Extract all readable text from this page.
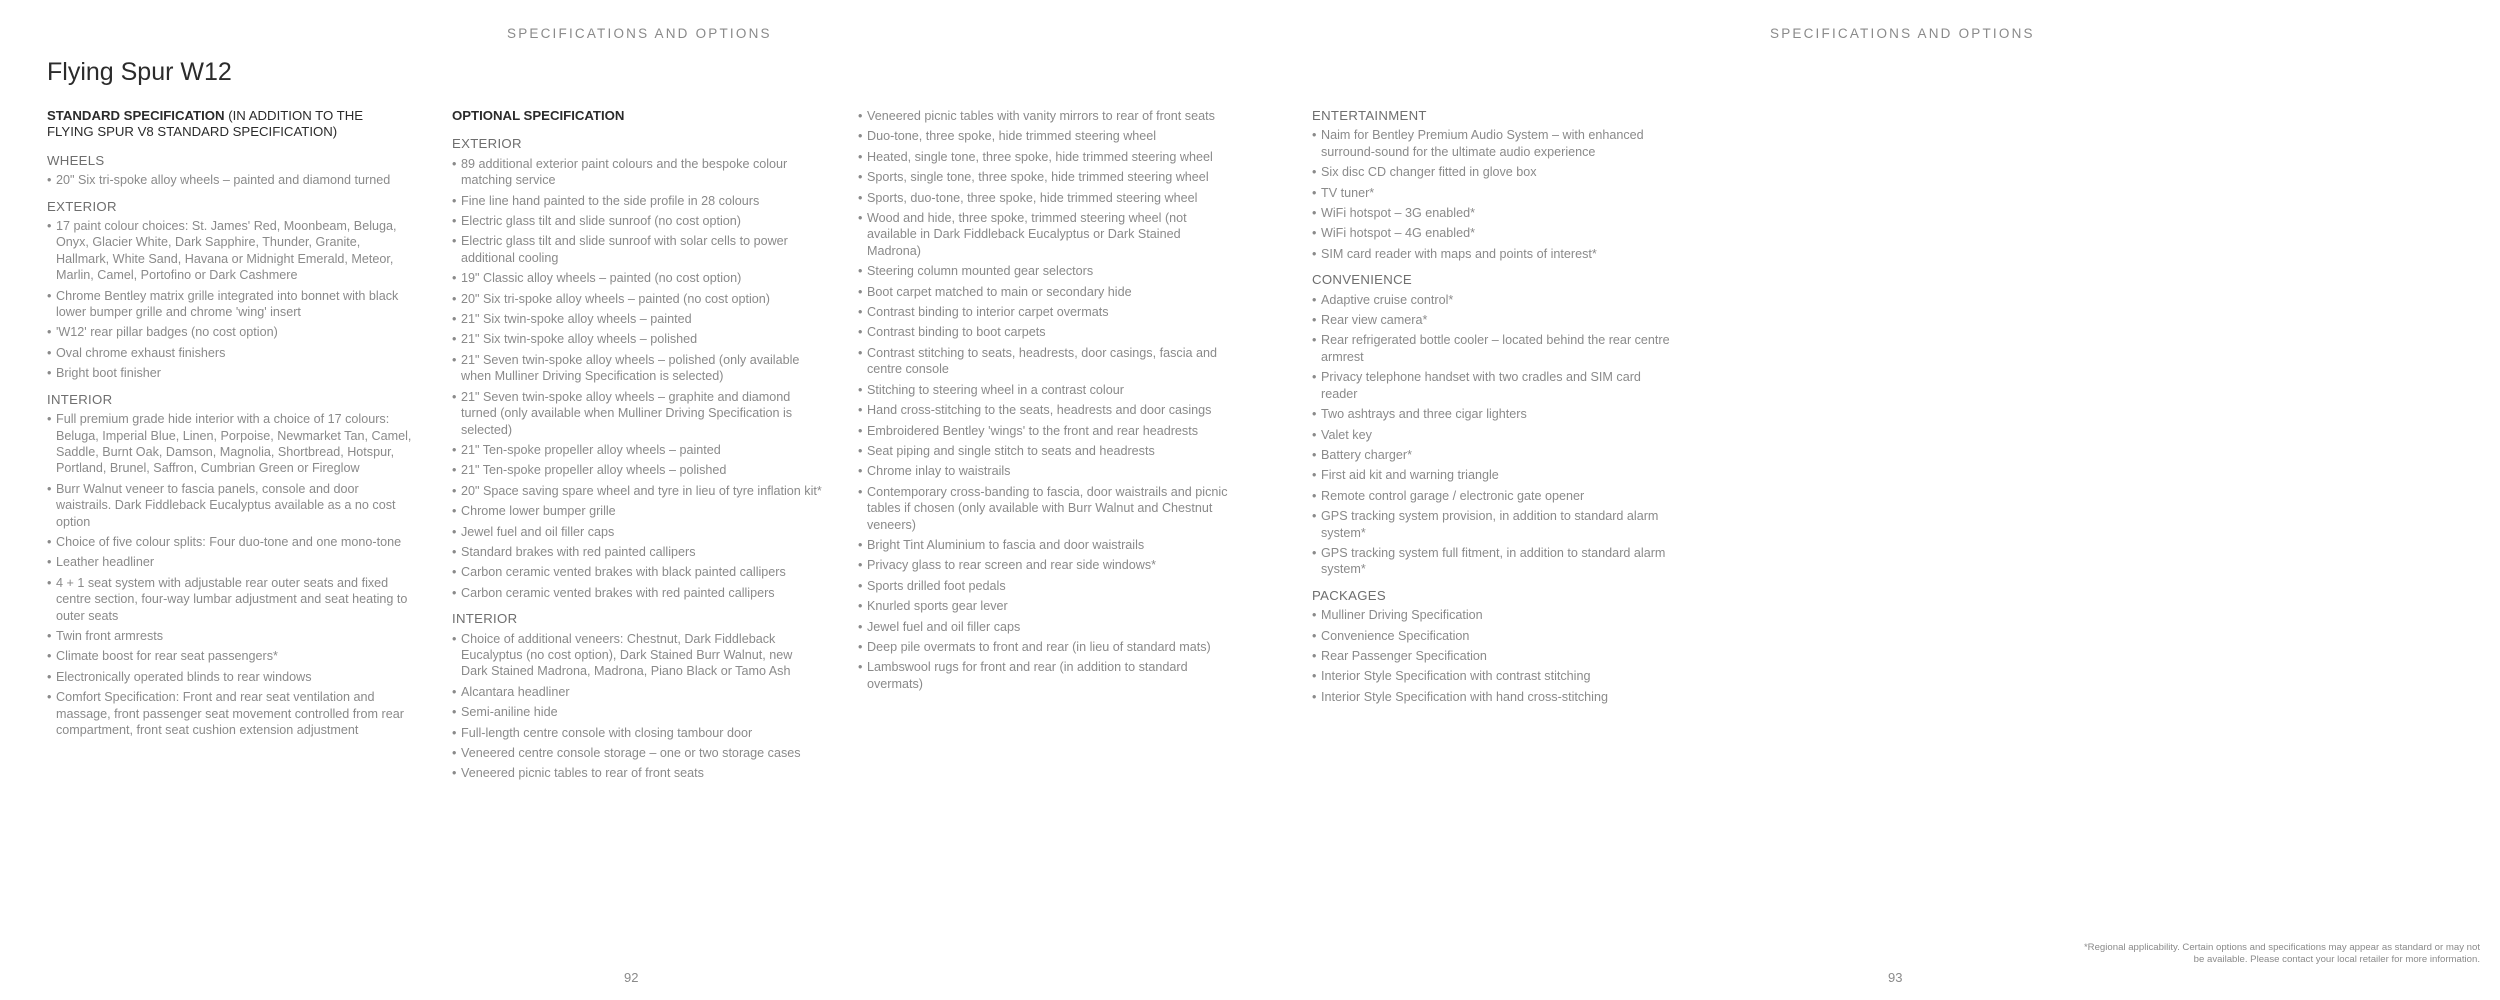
SPECIFICATIONS AND OPTIONS	SPECIFICATIONS AND OPTIONS
Flying Spur W12
STANDARD SPECIFICATION (IN ADDITION TO THE FLYING SPUR V8 STANDARD SPECIFICATION)
WHEELS
• 20" Six tri-spoke alloy wheels – painted and diamond turned
EXTERIOR
• 17 paint colour choices: St. James' Red, Moonbeam, Beluga, Onyx, Glacier White, Dark Sapphire, Thunder, Granite, Hallmark, White Sand, Havana or Midnight Emerald, Meteor, Marlin, Camel, Portofino or Dark Cashmere
• Chrome Bentley matrix grille integrated into bonnet with black lower bumper grille and chrome 'wing' insert
• 'W12' rear pillar badges (no cost option)
• Oval chrome exhaust finishers
• Bright boot finisher
INTERIOR
• Full premium grade hide interior with a choice of 17 colours: Beluga, Imperial Blue, Linen, Porpoise, Newmarket Tan, Camel, Saddle, Burnt Oak, Damson, Magnolia, Shortbread, Hotspur, Portland, Brunel, Saffron, Cumbrian Green or Fireglow
• Burr Walnut veneer to fascia panels, console and door waistrails. Dark Fiddleback Eucalyptus available as a no cost option
• Choice of five colour splits: Four duo-tone and one mono-tone
• Leather headliner
• 4 + 1 seat system with adjustable rear outer seats and fixed centre section, four-way lumbar adjustment and seat heating to outer seats
• Twin front armrests
• Climate boost for rear seat passengers*
• Electronically operated blinds to rear windows
• Comfort Specification: Front and rear seat ventilation and massage, front passenger seat movement controlled from rear compartment, front seat cushion extension adjustment
OPTIONAL SPECIFICATION
EXTERIOR
• 89 additional exterior paint colours and the bespoke colour matching service
• Fine line hand painted to the side profile in 28 colours
• Electric glass tilt and slide sunroof (no cost option)
• Electric glass tilt and slide sunroof with solar cells to power additional cooling
• 19" Classic alloy wheels – painted (no cost option)
• 20" Six tri-spoke alloy wheels – painted (no cost option)
• 21" Six twin-spoke alloy wheels – painted
• 21" Six twin-spoke alloy wheels – polished
• 21" Seven twin-spoke alloy wheels – polished (only available when Mulliner Driving Specification is selected)
• 21" Seven twin-spoke alloy wheels – graphite and diamond turned (only available when Mulliner Driving Specification is selected)
• 21" Ten-spoke propeller alloy wheels – painted
• 21" Ten-spoke propeller alloy wheels – polished
• 20" Space saving spare wheel and tyre in lieu of tyre inflation kit*
• Chrome lower bumper grille
• Jewel fuel and oil filler caps
• Standard brakes with red painted callipers
• Carbon ceramic vented brakes with black painted callipers
• Carbon ceramic vented brakes with red painted callipers
INTERIOR
• Choice of additional veneers: Chestnut, Dark Fiddleback Eucalyptus (no cost option), Dark Stained Burr Walnut, new Dark Stained Madrona, Madrona, Piano Black or Tamo Ash
• Alcantara headliner
• Semi-aniline hide
• Full-length centre console with closing tambour door
• Veneered centre console storage – one or two storage cases
• Veneered picnic tables to rear of front seats
• Veneered picnic tables with vanity mirrors to rear of front seats
• Duo-tone, three spoke, hide trimmed steering wheel
• Heated, single tone, three spoke, hide trimmed steering wheel
• Sports, single tone, three spoke, hide trimmed steering wheel
• Sports, duo-tone, three spoke, hide trimmed steering wheel
• Wood and hide, three spoke, trimmed steering wheel (not available in Dark Fiddleback Eucalyptus or Dark Stained Madrona)
• Steering column mounted gear selectors
• Boot carpet matched to main or secondary hide
• Contrast binding to interior carpet overmats
• Contrast binding to boot carpets
• Contrast stitching to seats, headrests, door casings, fascia and centre console
• Stitching to steering wheel in a contrast colour
• Hand cross-stitching to the seats, headrests and door casings
• Embroidered Bentley 'wings' to the front and rear headrests
• Seat piping and single stitch to seats and headrests
• Chrome inlay to waistrails
• Contemporary cross-banding to fascia, door waistrails and picnic tables if chosen (only available with Burr Walnut and Chestnut veneers)
• Bright Tint Aluminium to fascia and door waistrails
• Privacy glass to rear screen and rear side windows*
• Sports drilled foot pedals
• Knurled sports gear lever
• Jewel fuel and oil filler caps
• Deep pile overmats to front and rear (in lieu of standard mats)
• Lambswool rugs for front and rear (in addition to standard overmats)
ENTERTAINMENT
• Naim for Bentley Premium Audio System – with enhanced surround-sound for the ultimate audio experience
• Six disc CD changer fitted in glove box
• TV tuner*
• WiFi hotspot – 3G enabled*
• WiFi hotspot – 4G enabled*
• SIM card reader with maps and points of interest*
CONVENIENCE
• Adaptive cruise control*
• Rear view camera*
• Rear refrigerated bottle cooler – located behind the rear centre armrest
• Privacy telephone handset with two cradles and SIM card reader
• Two ashtrays and three cigar lighters
• Valet key
• Battery charger*
• First aid kit and warning triangle
• Remote control garage / electronic gate opener
• GPS tracking system provision, in addition to standard alarm system*
• GPS tracking system full fitment, in addition to standard alarm system*
PACKAGES
• Mulliner Driving Specification
• Convenience Specification
• Rear Passenger Specification
• Interior Style Specification with contrast stitching
• Interior Style Specification with hand cross-stitching
*Regional applicability. Certain options and specifications may appear as standard or may not be available. Please contact your local retailer for more information.
92	93
